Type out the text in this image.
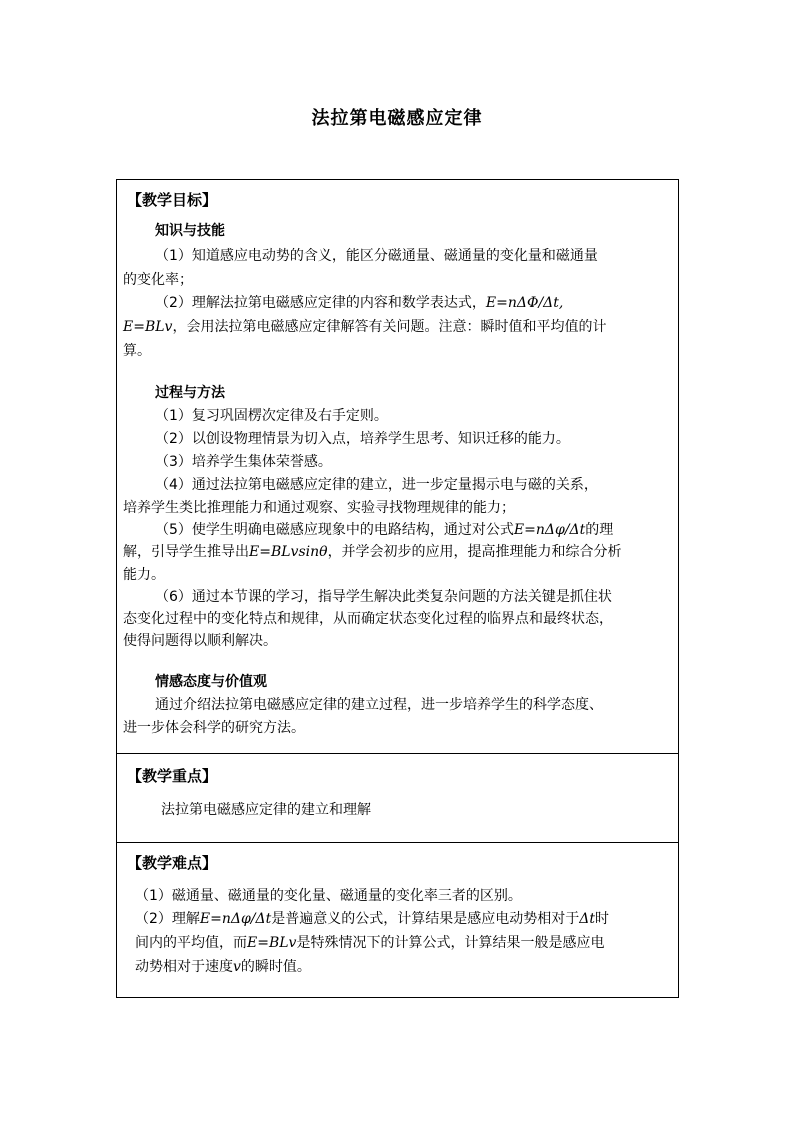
法拉第电磁感应定律
【教学目标】
知识与技能
（1）知道感应电动势的含义，能区分磁通量、磁通量的变化量和磁通量
的变化率；
（2）理解法拉第电磁感应定律的内容和数学表达式，E=nΔΦ/Δt,
E=BLv，会用法拉第电磁感应定律解答有关问题。注意：瞬时值和平均值的计
算。
过程与方法
（1）复习巩固楞次定律及右手定则。
（2）以创设物理情景为切入点，培养学生思考、知识迁移的能力。
（3）培养学生集体荣誉感。
（4）通过法拉第电磁感应定律的建立，进一步定量揭示电与磁的关系，
培养学生类比推理能力和通过观察、实验寻找物理规律的能力；
（5）使学生明确电磁感应现象中的电路结构，通过对公式E=nΔφ/Δt的理
解，引导学生推导出E=BLvsinθ，并学会初步的应用，提高推理能力和综合分析
能力。
（6）通过本节课的学习，指导学生解决此类复杂问题的方法关键是抓住状
态变化过程中的变化特点和规律，从而确定状态变化过程的临界点和最终状态，
使得问题得以顺利解决。
情感态度与价值观
通过介绍法拉第电磁感应定律的建立过程，进一步培养学生的科学态度、
进一步体会科学的研究方法。
【教学重点】
法拉第电磁感应定律的建立和理解
【教学难点】
（1）磁通量、磁通量的变化量、磁通量的变化率三者的区别。
（2）理解E=nΔφ/Δt是普遍意义的公式，计算结果是感应电动势相对于Δt时
间内的平均值，而E=BLv是特殊情况下的计算公式，计算结果一般是感应电
动势相对于速度v的瞬时值。
